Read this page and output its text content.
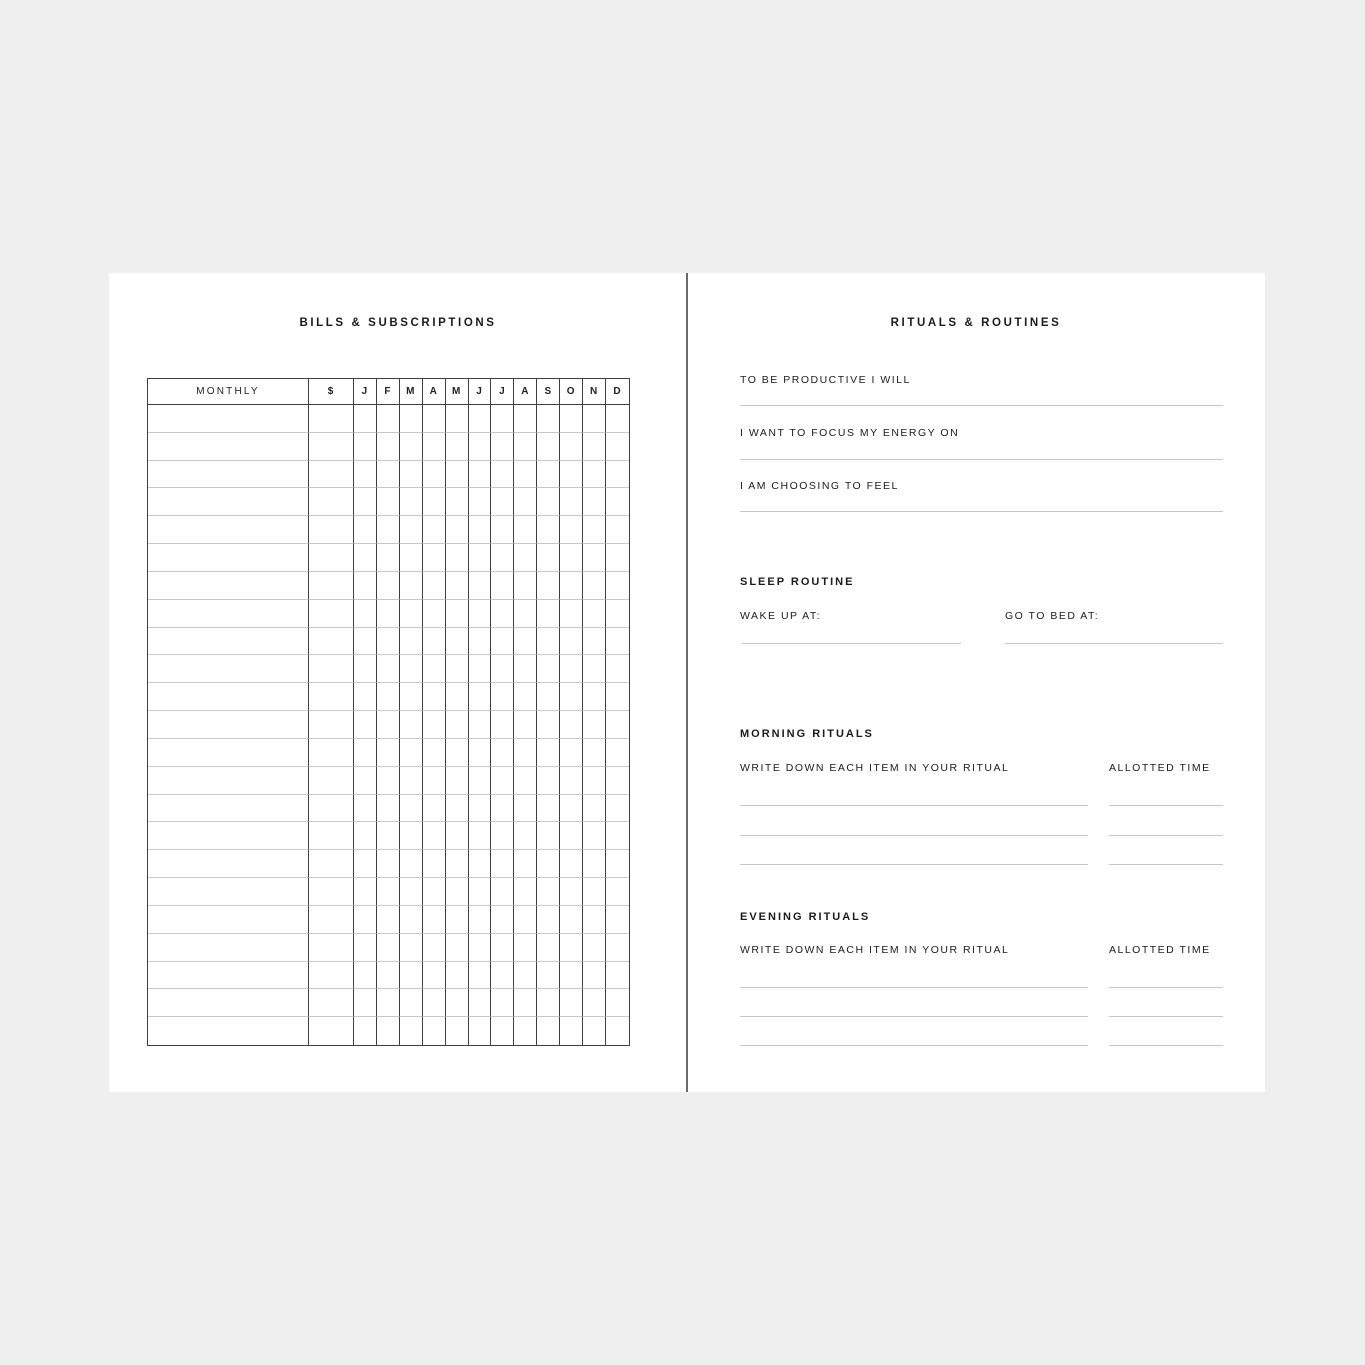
BILLS & SUBSCRIPTIONS
MONTHLY	$	J	F	M	A	M	J	J	A	S	O	N	D
RITUALS & ROUTINES
TO BE PRODUCTIVE I WILL
I WANT TO FOCUS MY ENERGY ON
I AM CHOOSING TO FEEL
SLEEP ROUTINE
WAKE UP AT:	GO TO BED AT:
MORNING RITUALS
WRITE DOWN EACH ITEM IN YOUR RITUAL	ALLOTTED TIME
EVENING RITUALS
WRITE DOWN EACH ITEM IN YOUR RITUAL	ALLOTTED TIME
